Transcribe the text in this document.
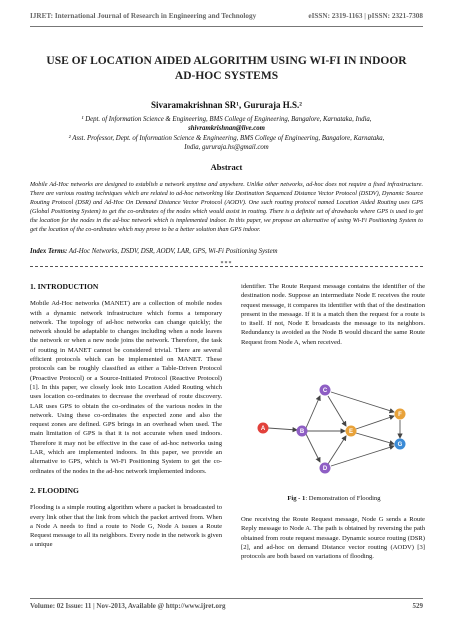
IJRET: International Journal of Research in Engineering and Technology	eISSN: 2319-1163 | pISSN: 2321-7308
USE OF LOCATION AIDED ALGORITHM USING WI-FI IN INDOOR
AD-HOC SYSTEMS
Sivaramakrishnan SR¹, Gururaja H.S.²
¹ Dept. of Information Science & Engineering, BMS College of Engineering, Bangalore, Karnataka, India,
shivramkrishnan@live.com
² Asst. Professor, Dept. of Information Science & Engineering, BMS College of Engineering, Bangalore, Karnataka,
India, gururaja.hs@gmail.com
Abstract
Mobile Ad-Hoc networks are designed to establish a network anytime and anywhere. Unlike other networks, ad-hoc does not require a fixed infrastructure. There are various routing techniques which are related to ad-hoc networking like Destination Sequenced Distance Vector Protocol (DSDV), Dynamic Source Routing Protocol (DSR) and Ad-Hoc On Demand Distance Vector Protocol (AODV). One such routing protocol named Location Aided Routing uses GPS (Global Positioning System) to get the co-ordinates of the nodes which would assist in routing. There is a definite set of drawbacks where GPS is used to get the location for the nodes in the ad-hoc network which is implemented indoor. In this paper, we propose an alternative of using Wi-Fi Positioning System to get the location of the co-ordinates which may prove to be a better solution than GPS indoor.
Index Terms: Ad-Hoc Networks, DSDV, DSR, AODV, LAR, GPS, Wi-Fi Positioning System
***
1. INTRODUCTION
Mobile Ad-Hoc networks (MANET) are a collection of mobile nodes with a dynamic network infrastructure which forms a temporary network. The topology of ad-hoc networks can change quickly; the network should be adaptable to changes including when a node leaves the network or when a new node joins the network. Therefore, the task of routing in MANET cannot be considered trivial. There are several efficient protocols which can be implemented on MANET. These protocols can be roughly classified as either a Table-Driven Protocol (Proactive Protocol) or a Source-Initiated Protocol (Reactive Protocol) [1]. In this paper, we closely look into Location Aided Routing which uses location co-ordinates to decrease the overhead of route discovery. LAR uses GPS to obtain the co-ordinates of the various nodes in the network. Using these co-ordinates the expected zone and also the request zones are defined. GPS brings in an overhead when used. The main limitation of GPS is that it is not accurate when used indoors. Therefore it may not be effective in the case of ad-hoc networks using LAR, which are implemented indoors. In this paper, we provide an alternative to GPS, which is Wi-Fi Positioning System to get the co-ordinates of the nodes in the ad-hoc network implemented indoors.
2. FLOODING
Flooding is a simple routing algorithm where a packet is broadcasted to every link other that the link from which the packet arrived from. When a Node A needs to find a route to Node G, Node A issues a Route Request message to all its neighbors. Every node in the network is given a unique
identifier. The Route Request message contains the identifier of the destination node. Suppose an intermediate Node E receives the route request message, it compares its identifier with that of the destination present in the message. If it is a match then the request for a route is to itself. If not, Node E broadcasts the message to its neighbors. Redundancy is avoided as the Node B would discard the same Route Request from Node A, when received.
A	B
C
D
E
F
G
Fig - 1: Demonstration of Flooding
One receiving the Route Request message, Node G sends a Route Reply message to Node A. The path is obtained by reversing the path obtained from route request message. Dynamic source routing (DSR) [2], and ad-hoc on demand Distance vector routing (AODV) [3] protocols are both based on variations of flooding.
Volume: 02 Issue: 11 | Nov-2013, Available @ http://www.ijret.org	529
